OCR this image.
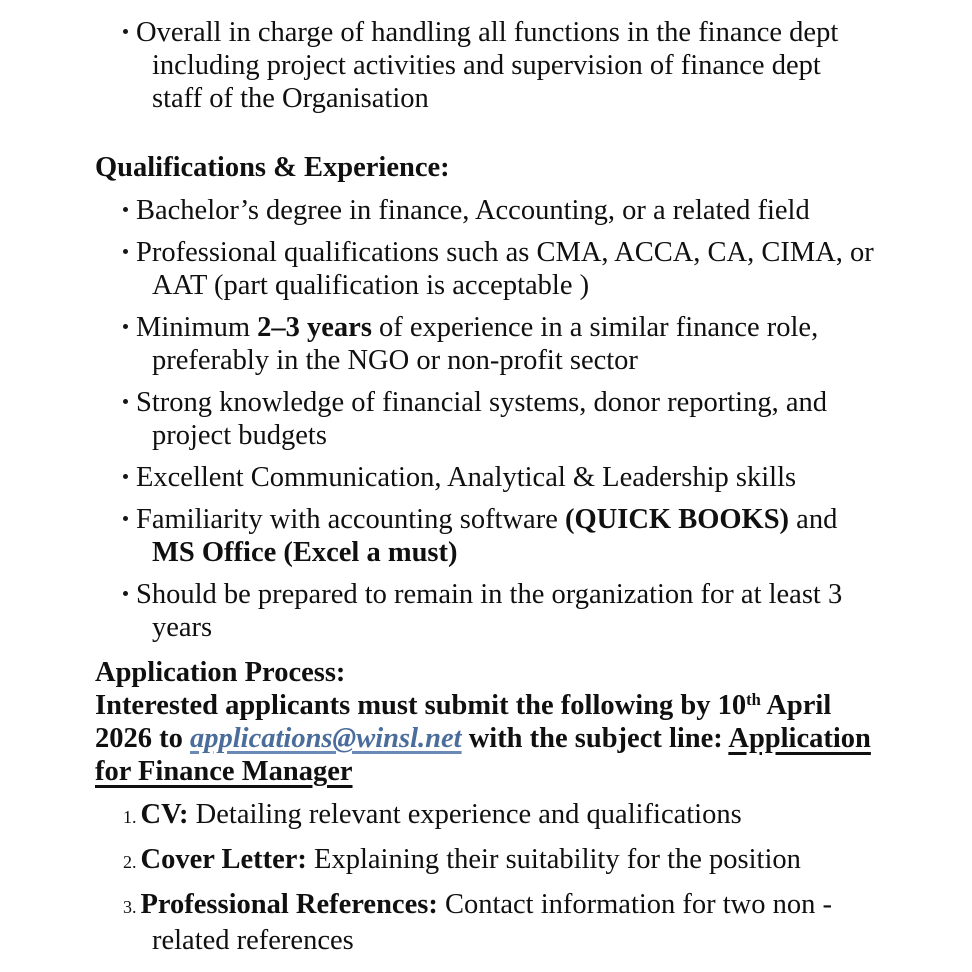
Overall in charge of handling all functions in the finance dept
including project activities and supervision of finance dept
staff of the Organisation
Qualifications & Experience:
Bachelor’s degree in finance, Accounting, or a related field
Professional qualifications such as CMA, ACCA, CA, CIMA, or
AAT (part qualification is acceptable )
Minimum 2–3 years of experience in a similar finance role,
preferably in the NGO or non-profit sector
Strong knowledge of financial systems, donor reporting, and
project budgets
Excellent Communication, Analytical & Leadership skills
Familiarity with accounting software (QUICK BOOKS) and
MS Office (Excel a must)
Should be prepared to remain in the organization for at least 3
years
Application Process:
Interested applicants must submit the following by 10th April
2026 to applications@winsl.net with the subject line: Application
for Finance Manager
1. CV: Detailing relevant experience and qualifications
2. Cover Letter: Explaining their suitability for the position
3. Professional References: Contact information for two non -
related references
